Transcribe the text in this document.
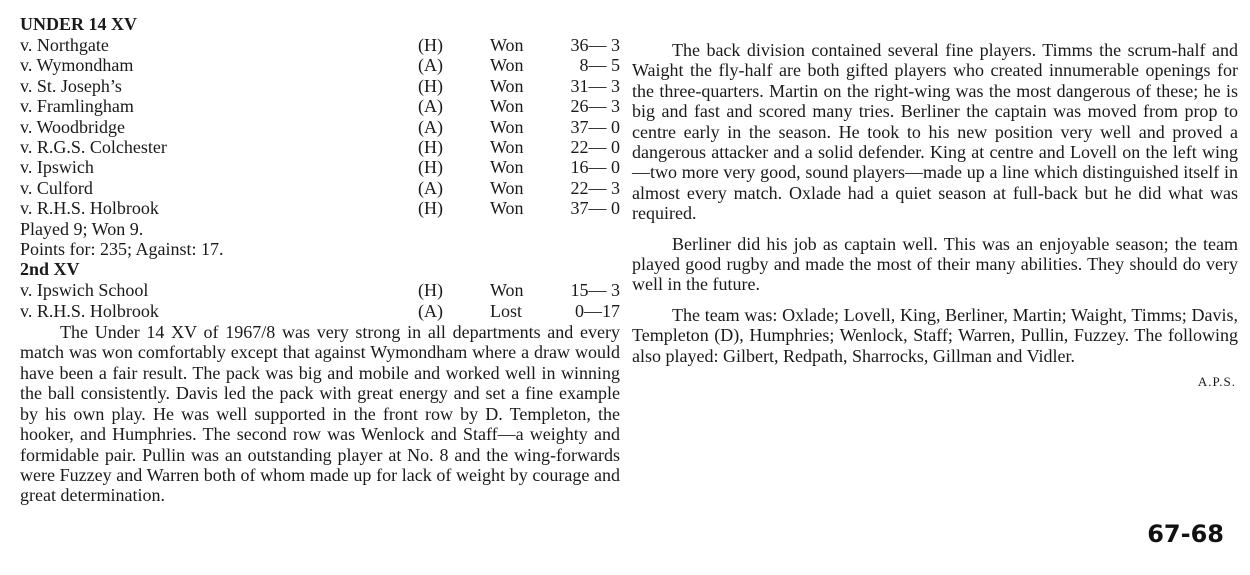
UNDER 14 XV
v. Northgate	(H)	Won	36— 3
v. Wymondham	(A)	Won	8— 5
v. St. Joseph’s	(H)	Won	31— 3
v. Framlingham	(A)	Won	26— 3
v. Woodbridge	(A)	Won	37— 0
v. R.G.S. Colchester	(H)	Won	22— 0
v. Ipswich	(H)	Won	16— 0
v. Culford	(A)	Won	22— 3
v. R.H.S. Holbrook	(H)	Won	37— 0
Played 9; Won 9.
Points for: 235; Against: 17.
2nd XV
v. Ipswich School	(H)	Won	15— 3
v. R.H.S. Holbrook	(A)	Lost	0—17

The Under 14 XV of 1967/8 was very strong in all departments and every match was won comfortably except that against Wymondham where a draw would have been a fair result. The pack was big and mobile and worked well in winning the ball consistently. Davis led the pack with great energy and set a fine example by his own play. He was well supported in the front row by D. Templeton, the hooker, and Humphries. The second row was Wenlock and Staff—a weighty and formidable pair. Pullin was an outstanding player at No. 8 and the wing-forwards were Fuzzey and Warren both of whom made up for lack of weight by courage and great determination.

The back division contained several fine players. Timms the scrum-half and Waight the fly-half are both gifted players who created innumerable openings for the three-quarters. Martin on the right-wing was the most dangerous of these; he is big and fast and scored many tries. Berliner the captain was moved from prop to centre early in the season. He took to his new position very well and proved a dangerous attacker and a solid defender. King at centre and Lovell on the left wing—two more very good, sound players—made up a line which distinguished itself in almost every match. Oxlade had a quiet season at full-back but he did what was required.

Berliner did his job as captain well. This was an enjoyable season; the team played good rugby and made the most of their many abilities. They should do very well in the future.

The team was: Oxlade; Lovell, King, Berliner, Martin; Waight, Timms; Davis, Templeton (D), Humphries; Wenlock, Staff; Warren, Pullin, Fuzzey. The following also played: Gilbert, Redpath, Sharrocks, Gillman and Vidler.

A.P.S.
67-68
